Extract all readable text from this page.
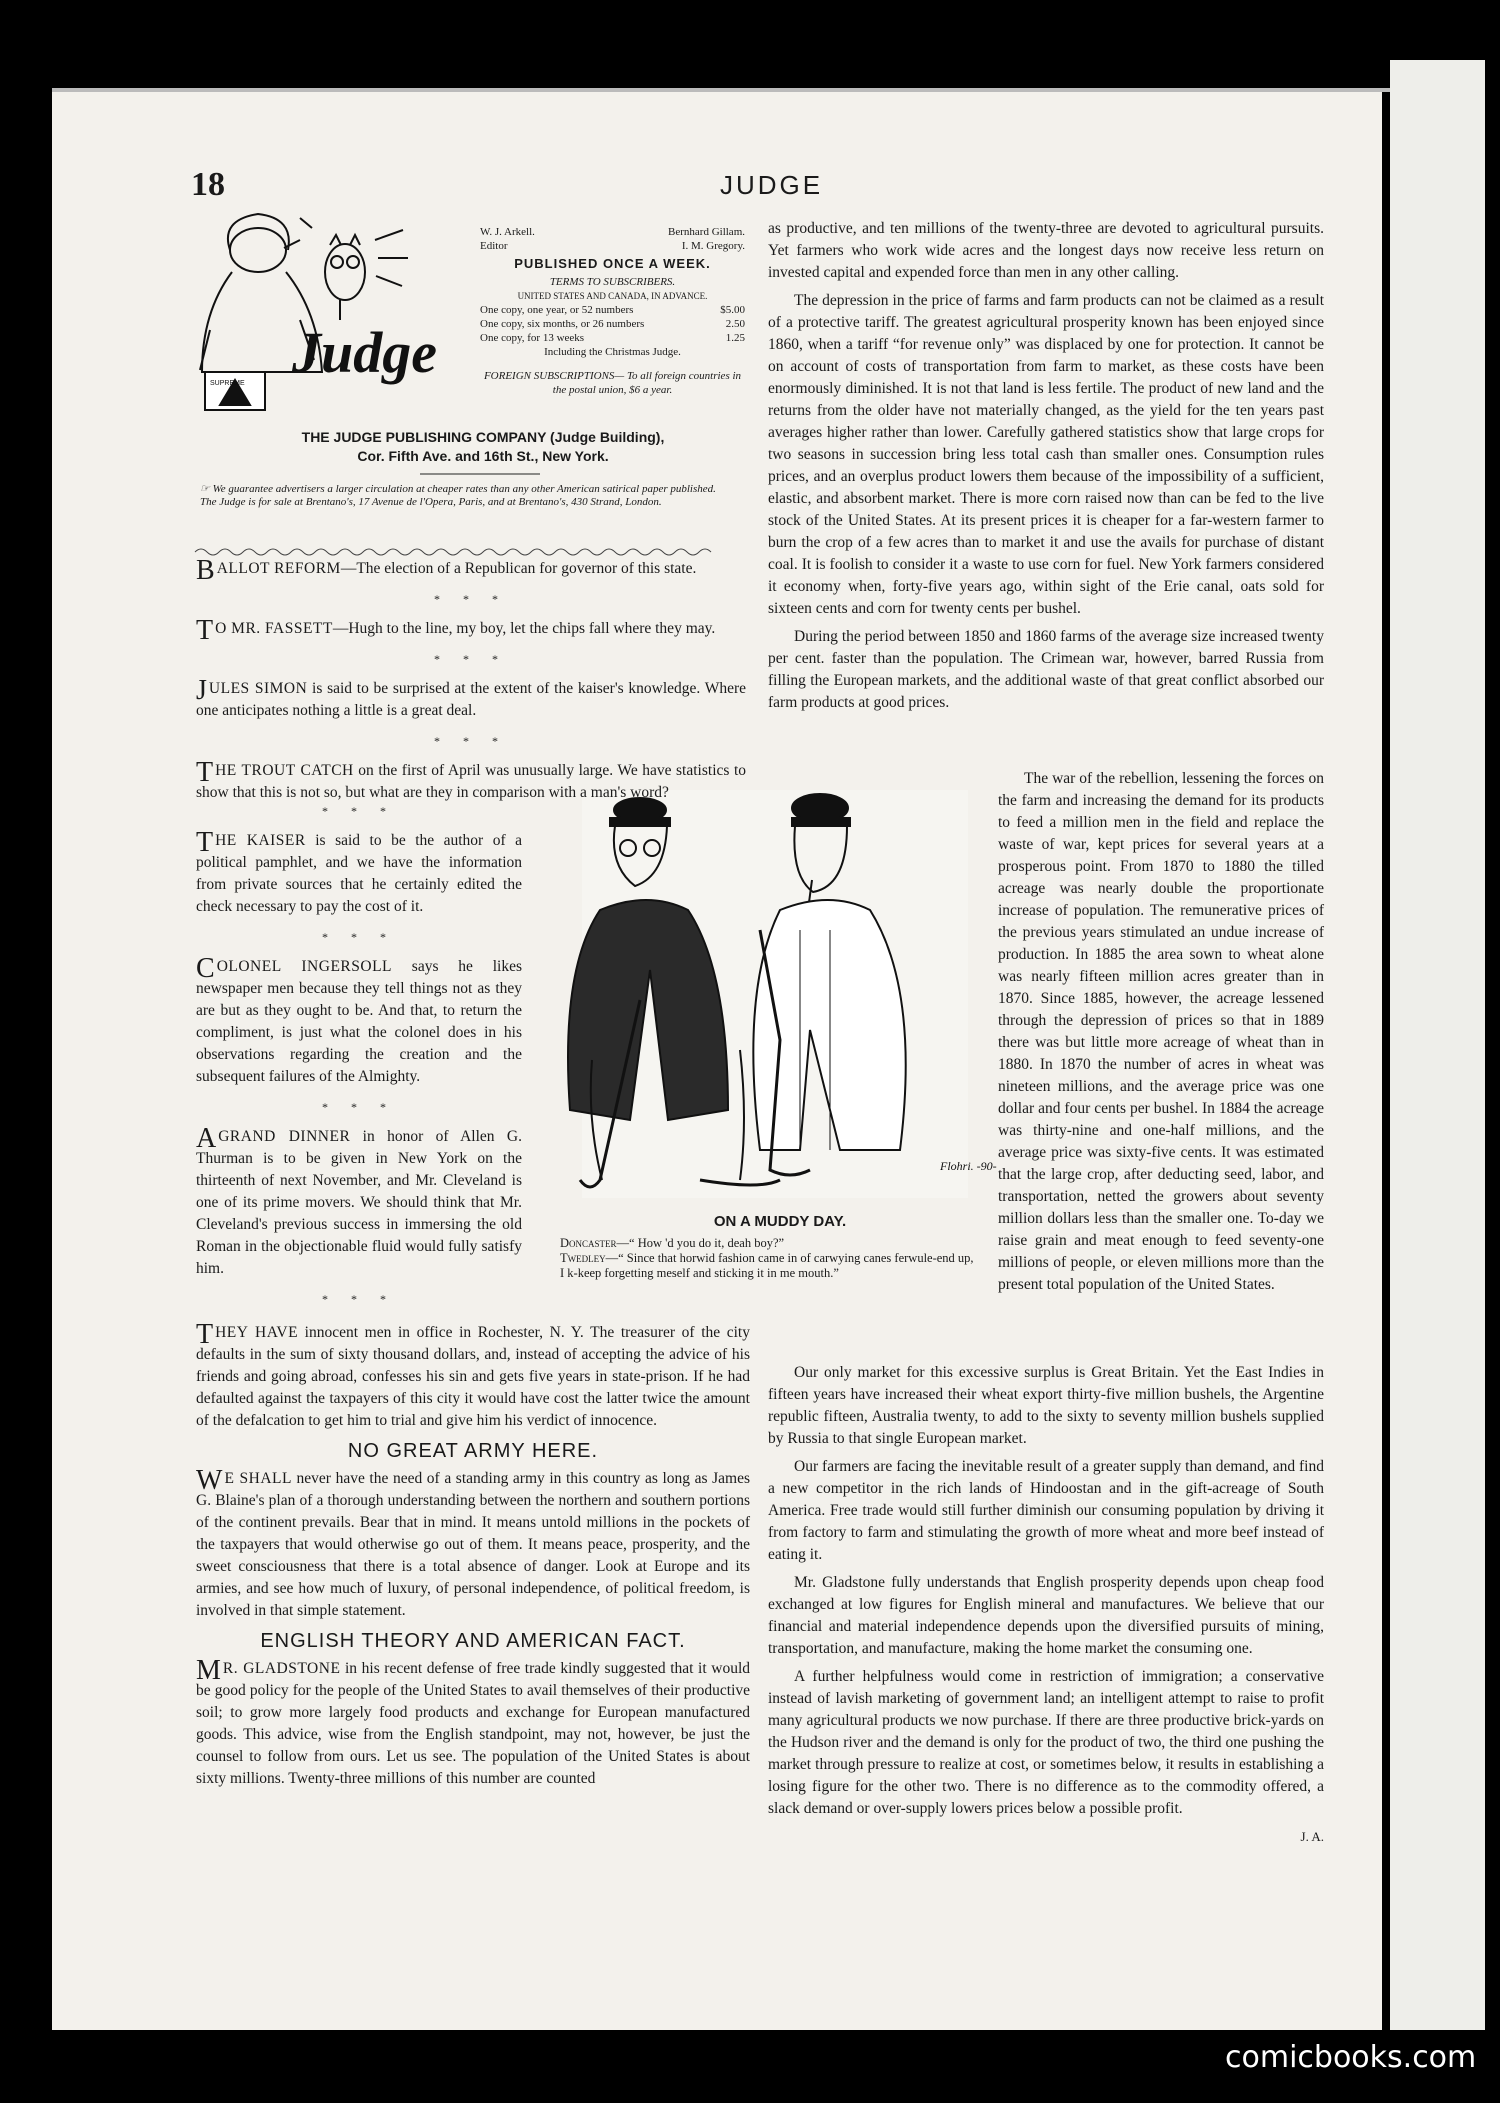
Judge
SUPREME
Flohri. -90-
18	JUDGE
W. J. Arkell.	Bernhard Gillam.
Editor	I. M. Gregory.
PUBLISHED ONCE A WEEK.
TERMS TO SUBSCRIBERS.
UNITED STATES AND CANADA, IN ADVANCE.
One copy, one year, or 52 numbers	$5.00
One copy, six months, or 26 numbers	2.50
One copy, for 13 weeks	1.25
Including the Christmas Judge.
FOREIGN SUBSCRIPTIONS— To all foreign countries in the postal union, $6 a year.
THE JUDGE PUBLISHING COMPANY (Judge Building),
Cor. Fifth Ave. and 16th St., New York.
☞ We guarantee advertisers a larger circulation at cheaper rates than any other American satirical paper published.
The Judge is for sale at Brentano's, 17 Avenue de l'Opera, Paris, and at Brentano's, 430 Strand, London.
BALLOT REFORM—The election of a Republican for governor of this state.
* * *
T O MR. FASSETT—Hugh to the line, my boy, let the chips fall where they may.
* * *
JULES SIMON is said to be surprised at the extent of the kaiser's knowledge. Where one anticipates nothing a little is a great deal.
* * *
THE TROUT CATCH on the first of April was unusually large. We have statistics to show that this is not so, but what are they in comparison with a man's word?
* * *
THE KAISER is said to be the author of a political pamphlet, and we have the information from private sources that he certainly edited the check necessary to pay the cost of it.
* * *
COLONEL INGERSOLL says he likes newspaper men because they tell things not as they are but as they ought to be. And that, to return the compliment, is just what the colonel does in his observations regarding the creation and the subsequent failures of the Almighty.
* * *
A GRAND DINNER in honor of Allen G. Thurman is to be given in New York on the thirteenth of next November, and Mr. Cleveland is one of its prime movers. We should think that Mr. Cleveland's previous success in immersing the old Roman in the objectionable fluid would fully satisfy him.
* * *
ON A MUDDY DAY.

Doncaster—“ How 'd you do it, deah boy?”

Twedley—“ Since that horwid fashion came in of carwying canes ferwule-end up, I k-keep forgetting meself and sticking it in me mouth.”

THEY HAVE innocent men in office in Rochester, N. Y. The treasurer of the city defaults in the sum of sixty thousand dollars, and, instead of accepting the advice of his friends and going abroad, confesses his sin and gets five years in state-prison. If he had defaulted against the taxpayers of this city it would have cost the latter twice the amount of the defalcation to get him to trial and give him his verdict of innocence.
NO GREAT ARMY HERE.
W E SHALL never have the need of a standing army in this country as long as James G. Blaine's plan of a thorough understanding between the northern and southern portions of the continent prevails. Bear that in mind. It means untold millions in the pockets of the taxpayers that would otherwise go out of them. It means peace, prosperity, and the sweet consciousness that there is a total absence of danger. Look at Europe and its armies, and see how much of luxury, of personal independence, of political freedom, is involved in that simple statement.
ENGLISH THEORY AND AMERICAN FACT.
M R. GLADSTONE in his recent defense of free trade kindly suggested that it would be good policy for the people of the United States to avail themselves of their productive soil; to grow more largely food products and exchange for European manufactured goods. This advice, wise from the English standpoint, may not, however, be just the counsel to follow from ours. Let us see. The population of the United States is about sixty millions. Twenty-three millions of this number are counted

as productive, and ten millions of the twenty-three are devoted to agricultural pursuits. Yet farmers who work wide acres and the longest days now receive less return on invested capital and expended force than men in any other calling.

The depression in the price of farms and farm products can not be claimed as a result of a protective tariff. The greatest agricultural prosperity known has been enjoyed since 1860, when a tariff “for revenue only” was displaced by one for protection. It cannot be on account of costs of transportation from farm to market, as these costs have been enormously diminished. It is not that land is less fertile. The product of new land and the returns from the older have not materially changed, as the yield for the ten years past averages higher rather than lower. Carefully gathered statistics show that large crops for two seasons in succession bring less total cash than smaller ones. Consumption rules prices, and an overplus product lowers them because of the impossibility of a sufficient, elastic, and absorbent market. There is more corn raised now than can be fed to the live stock of the United States. At its present prices it is cheaper for a far-western farmer to burn the crop of a few acres than to market it and use the avails for purchase of distant coal. It is foolish to consider it a waste to use corn for fuel. New York farmers considered it economy when, forty-five years ago, within sight of the Erie canal, oats sold for sixteen cents and corn for twenty cents per bushel.

During the period between 1850 and 1860 farms of the average size increased twenty per cent. faster than the population. The Crimean war, however, barred Russia from filling the European markets, and the additional waste of that great conflict absorbed our farm products at good prices.

The war of the rebellion, lessening the forces on the farm and increasing the demand for its products to feed a million men in the field and replace the waste of war, kept prices for several years at a prosperous point. From 1870 to 1880 the tilled acreage was nearly double the proportionate increase of population. The remunerative prices of the previous years stimulated an undue increase of production. In 1885 the area sown to wheat alone was nearly fifteen million acres greater than in 1870. Since 1885, however, the acreage lessened through the depression of prices so that in 1889 there was but little more acreage of wheat than in 1880. In 1870 the number of acres in wheat was nineteen millions, and the average price was one dollar and four cents per bushel. In 1884 the acreage was thirty-nine and one-half millions, and the average price was sixty-five cents. It was estimated that the large crop, after deducting seed, labor, and transportation, netted the growers about seventy million dollars less than the smaller one. To-day we raise grain and meat enough to feed seventy-one millions of people, or eleven millions more than the present total population of the United States.

Our only market for this excessive surplus is Great Britain. Yet the East Indies in fifteen years have increased their wheat export thirty-five million bushels, the Argentine republic fifteen, Australia twenty, to add to the sixty to seventy million bushels supplied by Russia to that single European market.

Our farmers are facing the inevitable result of a greater supply than demand, and find a new competitor in the rich lands of Hindoostan and in the gift-acreage of South America. Free trade would still further diminish our consuming population by driving it from factory to farm and stimulating the growth of more wheat and more beef instead of eating it.

Mr. Gladstone fully understands that English prosperity depends upon cheap food exchanged at low figures for English mineral and manufactures. We believe that our financial and material independence depends upon the diversified pursuits of mining, transportation, and manufacture, making the home market the consuming one.

A further helpfulness would come in restriction of immigration; a conservative instead of lavish marketing of government land; an intelligent attempt to raise to profit many agricultural products we now purchase. If there are three productive brick-yards on the Hudson river and the demand is only for the product of two, the third one pushing the market through pressure to realize at cost, or sometimes below, it results in establishing a losing figure for the other two. There is no difference as to the commodity offered, a slack demand or over-supply lowers prices below a possible profit.

J. A.
comicbooks.com
